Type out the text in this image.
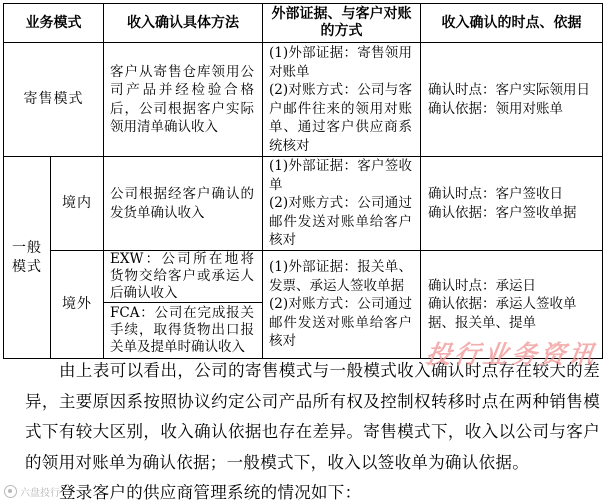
业务模式	收入确认具体方法
外部证据、与客户对账
的方式
收入确认的时点、依据
寄售模式
客户从寄售仓库领用公
司产品并经检验合格
后，公司根据客户实际
领用清单确认收入
(1)外部证据：寄售领用
对账单
(2)对账方式：公司与客
户邮件往来的领用对账
单、通过客户供应商系
统核对
确认时点：客户实际领用日
确认依据：领用对账单
一般
模式
境内
公司根据经客户确认的
发货单确认收入
(1)外部证据：客户签收
单
(2)对账方式：公司通过
邮件发送对账单给客户
核对
确认时点：客户签收日
确认依据：客户签收单据
境外
EXW：公司所在地将
货物交给客户或承运人
后确认收入
FCA：公司在完成报关
手续，取得货物出口报
关单及提单时确认收入
(1)外部证据：报关单、
发票、承运人签收单据
(2)对账方式：公司通过
邮件发送对账单给客户
核对
确认时点：承运日
确认依据：承运人签收单
据、报关单、提单
由上表可以看出，公司的寄售模式与一般模式收入确认时点存在较大的差
异，主要原因系按照协议约定公司产品所有权及控制权转移时点在两种销售模
式下有较大区别，收入确认依据也存在差异。寄售模式下，收入以公司与客户
的领用对账单为确认依据；一般模式下，收入以签收单为确认依据。
登录客户的供应商管理系统的情况如下：
投行业务资讯
六盘投行
